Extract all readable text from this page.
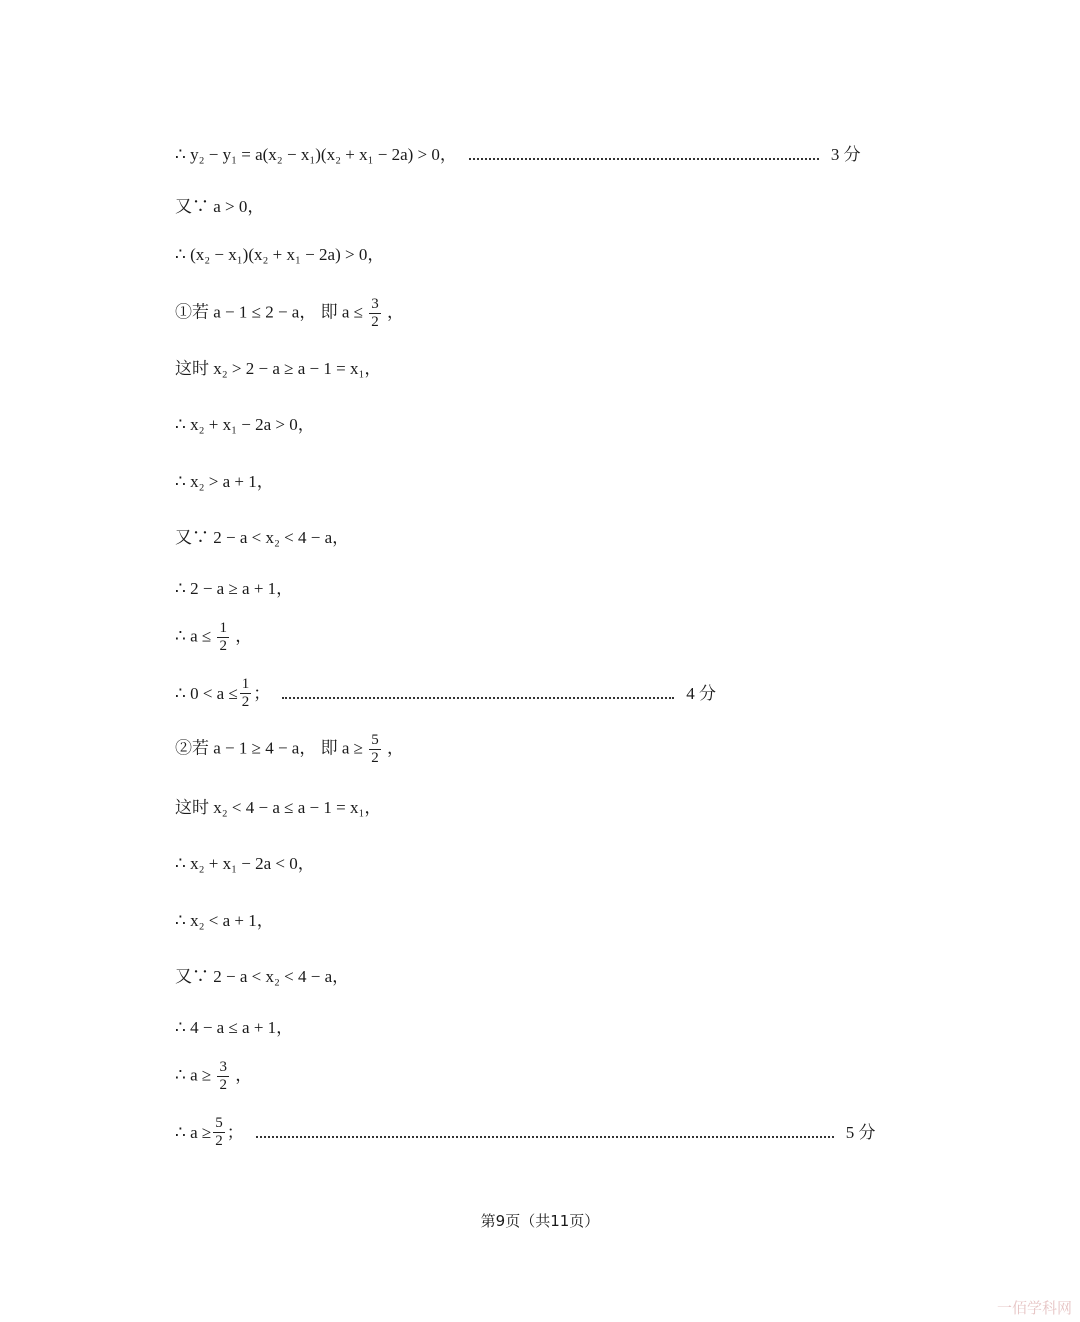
∴ y₂ − y₁ = a(x₂ − x₁)(x₂ + x₁ − 2a) > 0，	3 分
又∵ a > 0，
∴ (x₂ − x₁)(x₂ + x₁ − 2a) > 0，
①若 a − 1 ≤ 2 − a， 即 $a \le \frac{3}{2}$ ，
这时 x₂ > 2 − a ≥ a − 1 = x₁，
∴ x₂ + x₁ − 2a > 0，
∴ x₂ > a + 1，
又∵ 2 − a < x₂ < 4 − a，
∴ 2 − a ≥ a + 1，
∴ $a \le \frac{1}{2}$ ，
∴ $0 < a \le \frac{1}{2}$ ；	4 分
②若 a − 1 ≥ 4 − a， 即 $a \ge \frac{5}{2}$ ，
这时 x₂ < 4 − a ≤ a − 1 = x₁，
∴ x₂ + x₁ − 2a < 0，
∴ x₂ < a + 1，
又∵ 2 − a < x₂ < 4 − a，
∴ 4 − a ≤ a + 1，
∴ $a \ge \frac{3}{2}$ ，
∴ $a \ge \frac{5}{2}$ ；	5 分
第9页（共11页）
一佰学科网
